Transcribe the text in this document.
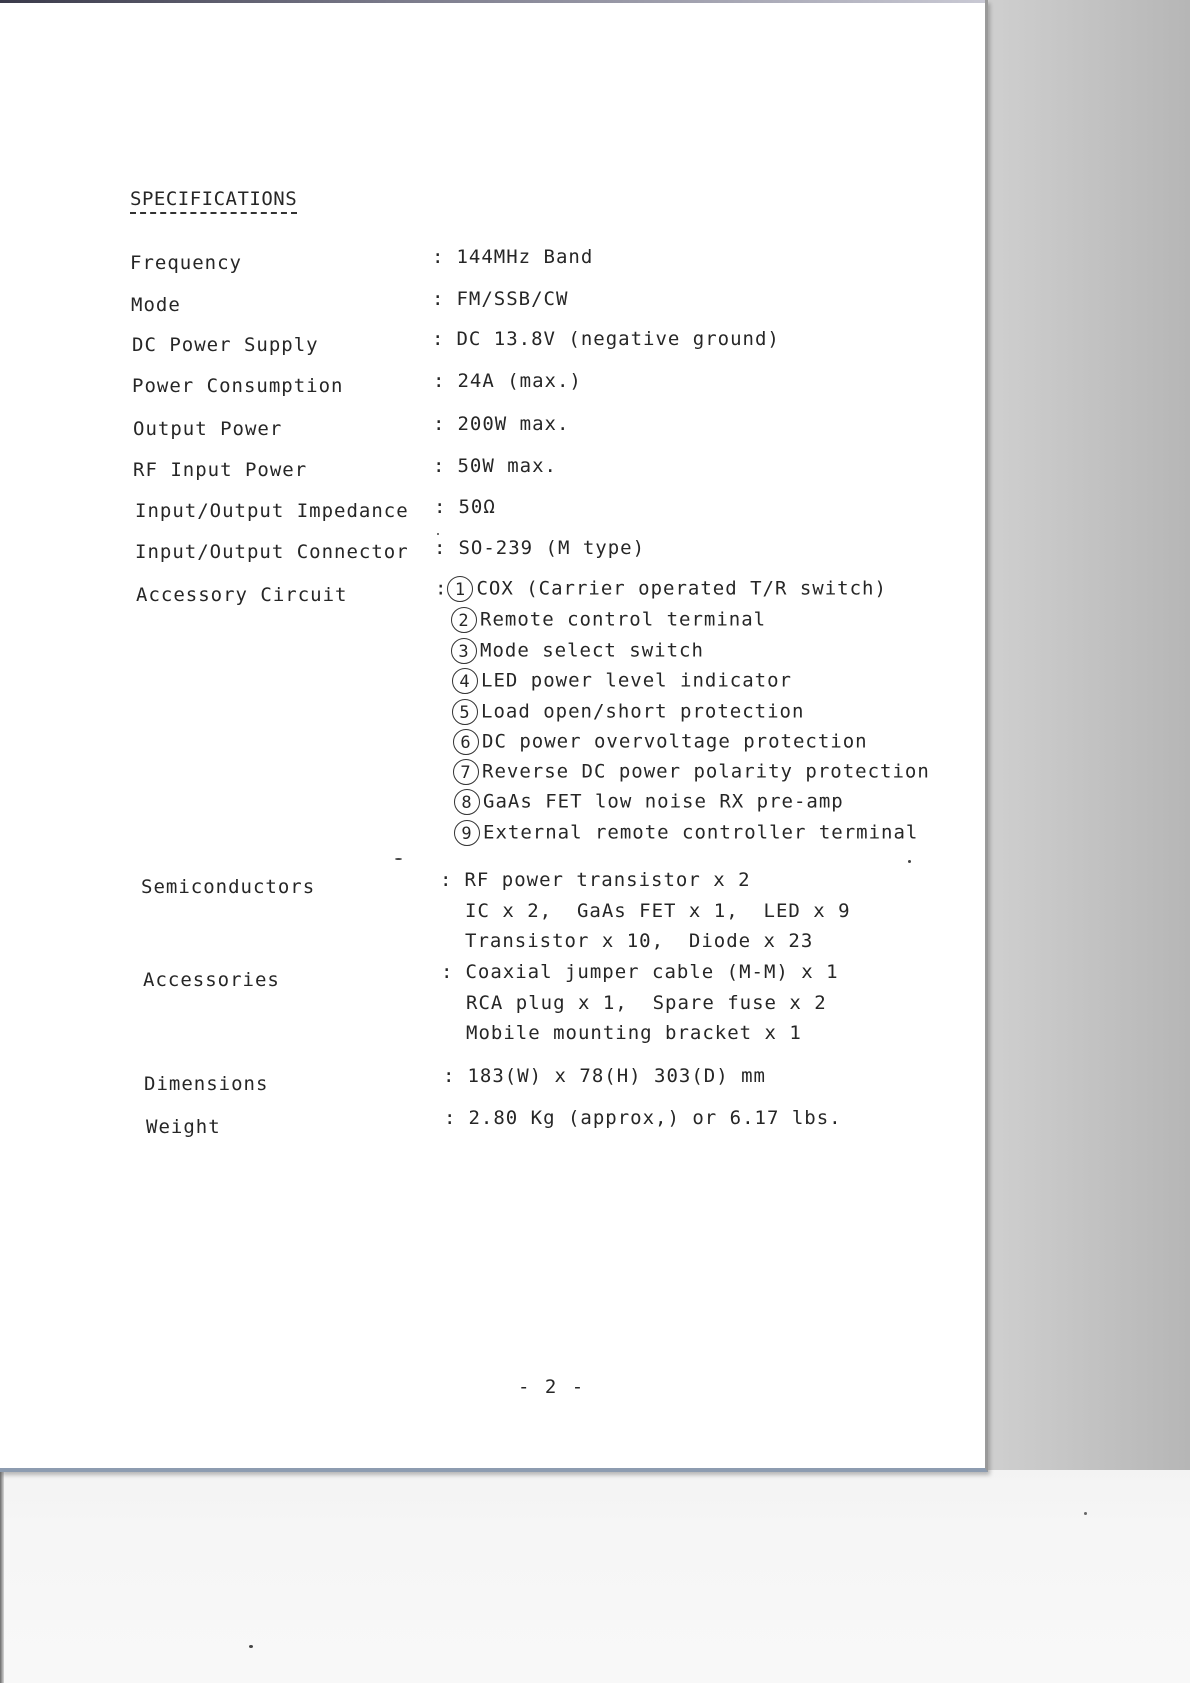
SPECIFICATIONS
Frequency	: 144MHz Band
Mode	: FM/SSB/CW
DC Power Supply	: DC 13.8V (negative ground)
Power Consumption	: 24A (max.)
Output Power	: 200W max.
RF Input Power	: 50W max.
Input/Output Impedance : 50Ω
Input/Output Connector : SO-239 (M type)
Accessory Circuit	: 1 COX (Carrier operated T/R switch)
2 Remote control terminal
3 Mode select switch
4 LED power level indicator
5 Load open/short protection
6 DC power overvoltage protection
7 Reverse DC power polarity protection
8 GaAs FET low noise RX pre-amp
9 External remote controller terminal
Semiconductors	: RF power transistor x 2
IC x 2,  GaAs FET x 1,  LED x 9
Transistor x 10,  Diode x 23
Accessories	: Coaxial jumper cable (M-M) x 1
RCA plug x 1,  Spare fuse x 2
Mobile mounting bracket x 1
Dimensions	: 183(W) x 78(H) 303(D) mm
Weight	: 2.80 Kg (approx,) or 6.17 lbs.
- 2 -
